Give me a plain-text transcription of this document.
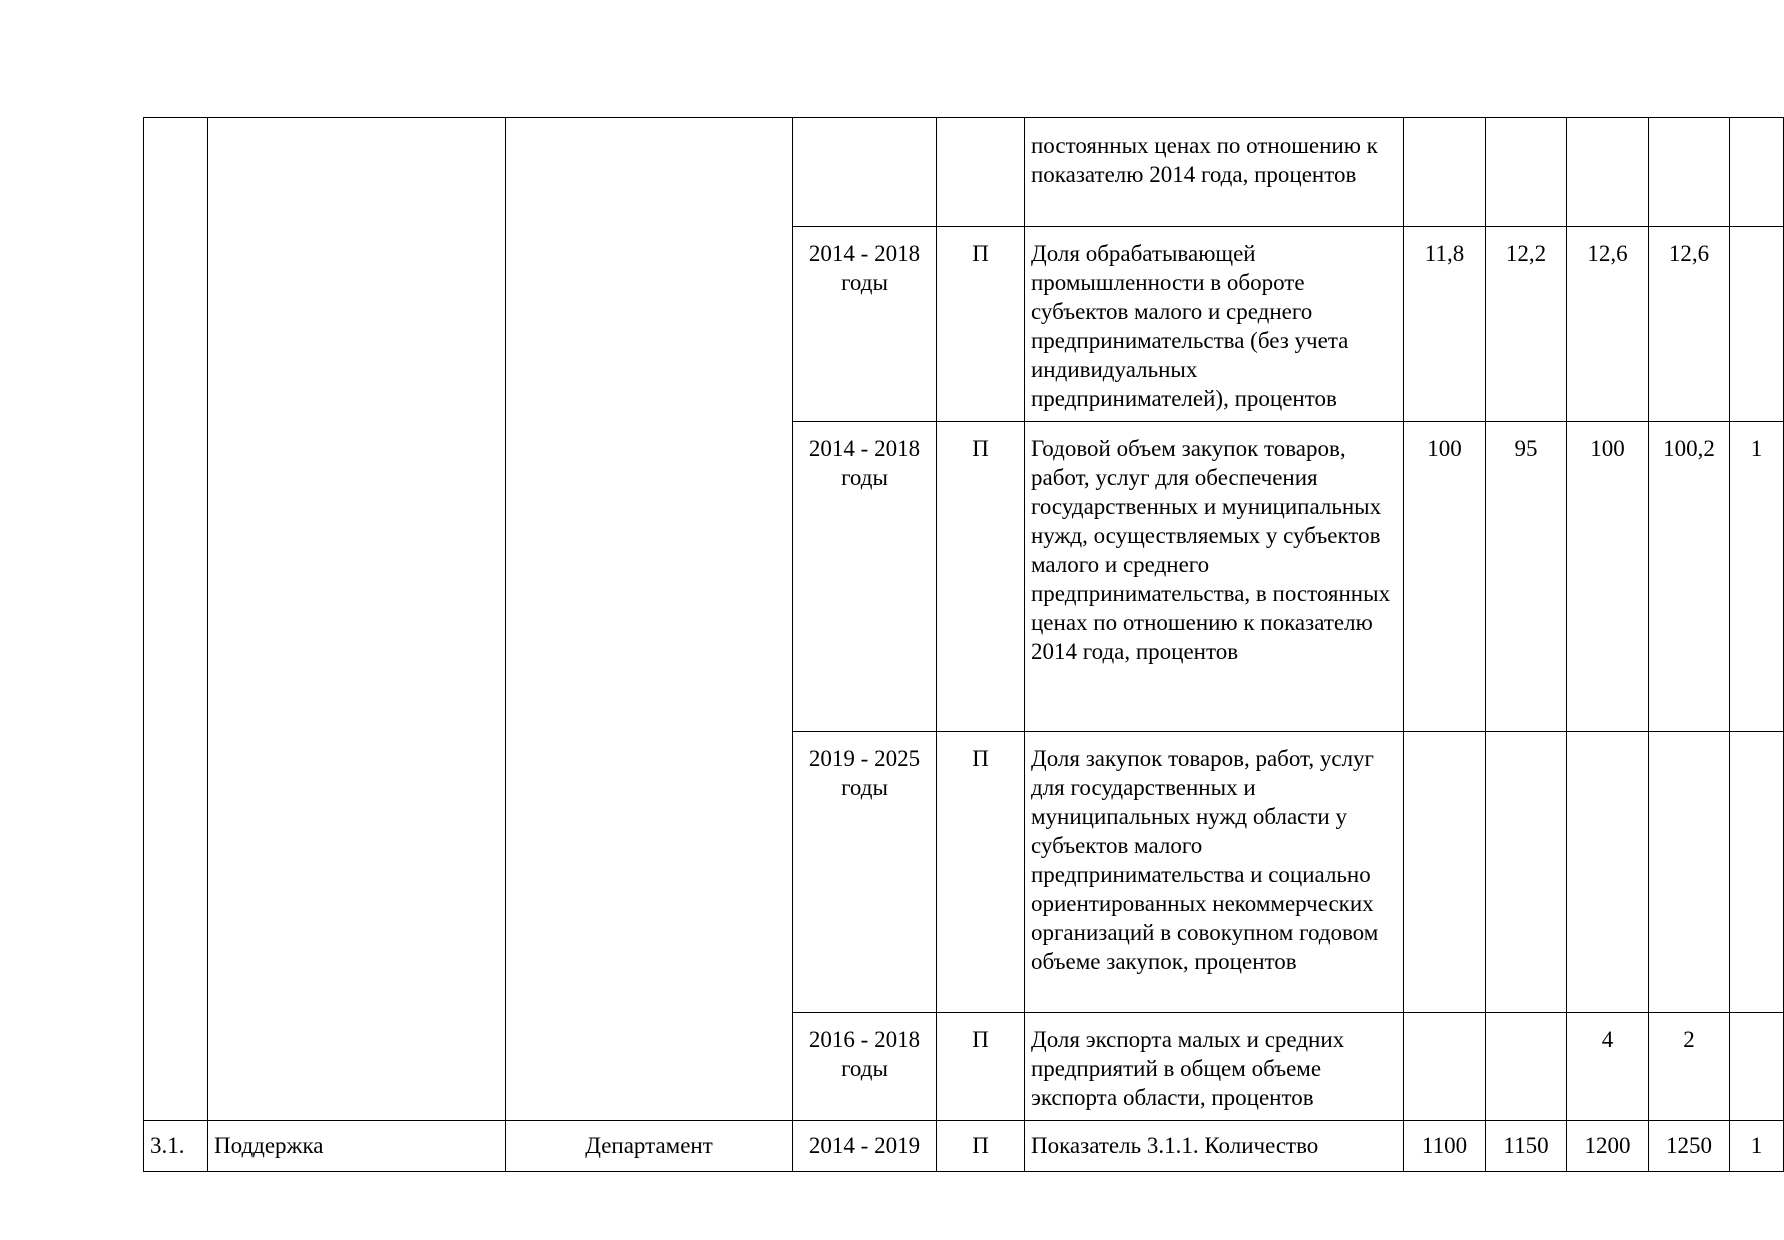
					постоянных ценах по отношению к показателю 2014 года, процентов					
			2014 - 2018 годы	П	Доля обрабатывающей промышленности в обороте субъектов малого и среднего предпринимательства (без учета индивидуальных предпринимателей), процентов	11,8	12,2	12,6	12,6	
			2014 - 2018 годы	П	Годовой объем закупок товаров, работ, услуг для обеспечения государственных и муниципальных нужд, осуществляемых у субъектов малого и среднего предпринимательства, в постоянных ценах по отношению к показателю 2014 года, процентов	100	95	100	100,2	1
			2019 - 2025 годы	П	Доля закупок товаров, работ, услуг для государственных и муниципальных нужд области у субъектов малого предпринимательства и социально ориентированных некоммерческих организаций в совокупном годовом объеме закупок, процентов					
			2016 - 2018 годы	П	Доля экспорта малых и средних предприятий в общем объеме экспорта области, процентов			4	2	
3.1.	Поддержка	Департамент	2014 - 2019	П	Показатель 3.1.1. Количество	1100	1150	1200	1250	1
